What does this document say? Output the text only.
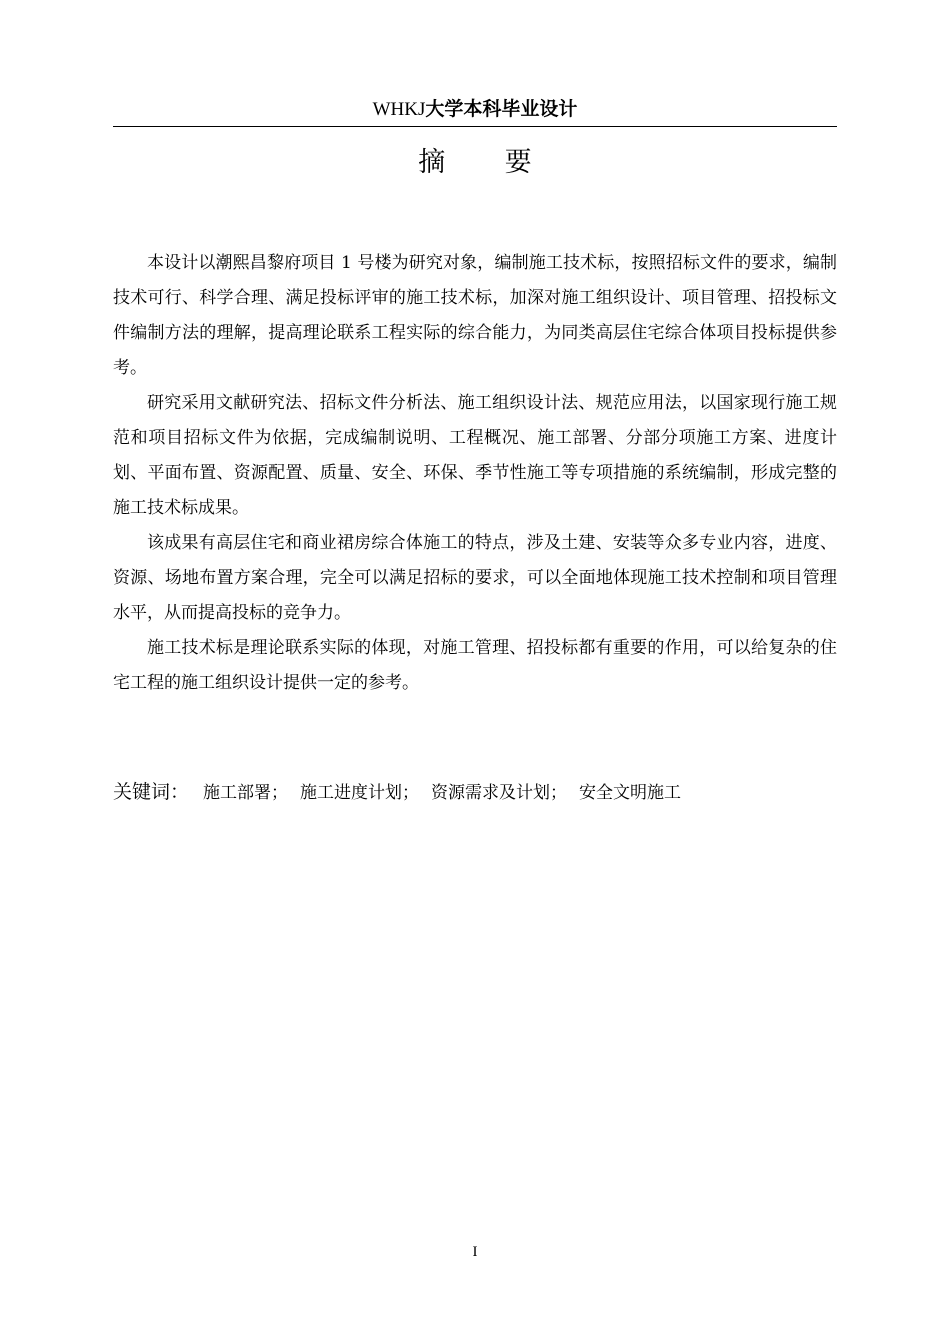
WHKJ大学本科毕业设计
摘要

本设计以潮熙昌黎府项目 1 号楼为研究对象，编制施工技术标，按照招标文件的要求，编制技术可行、科学合理、满足投标评审的施工技术标，加深对施工组织设计、项目管理、招投标文件编制方法的理解，提高理论联系工程实际的综合能力，为同类高层住宅综合体项目投标提供参考。

研究采用文献研究法、招标文件分析法、施工组织设计法、规范应用法，以国家现行施工规范和项目招标文件为依据，完成编制说明、工程概况、施工部署、分部分项施工方案、进度计划、平面布置、资源配置、质量、安全、环保、季节性施工等专项措施的系统编制，形成完整的施工技术标成果。

该成果有高层住宅和商业裙房综合体施工的特点，涉及土建、安装等众多专业内容，进度、资源、场地布置方案合理，完全可以满足招标的要求，可以全面地体现施工技术控制和项目管理水平，从而提高投标的竞争力。

施工技术标是理论联系实际的体现，对施工管理、招投标都有重要的作用，可以给复杂的住宅工程的施工组织设计提供一定的参考。

关键词： 施工部署； 施工进度计划； 资源需求及计划； 安全文明施工
I
